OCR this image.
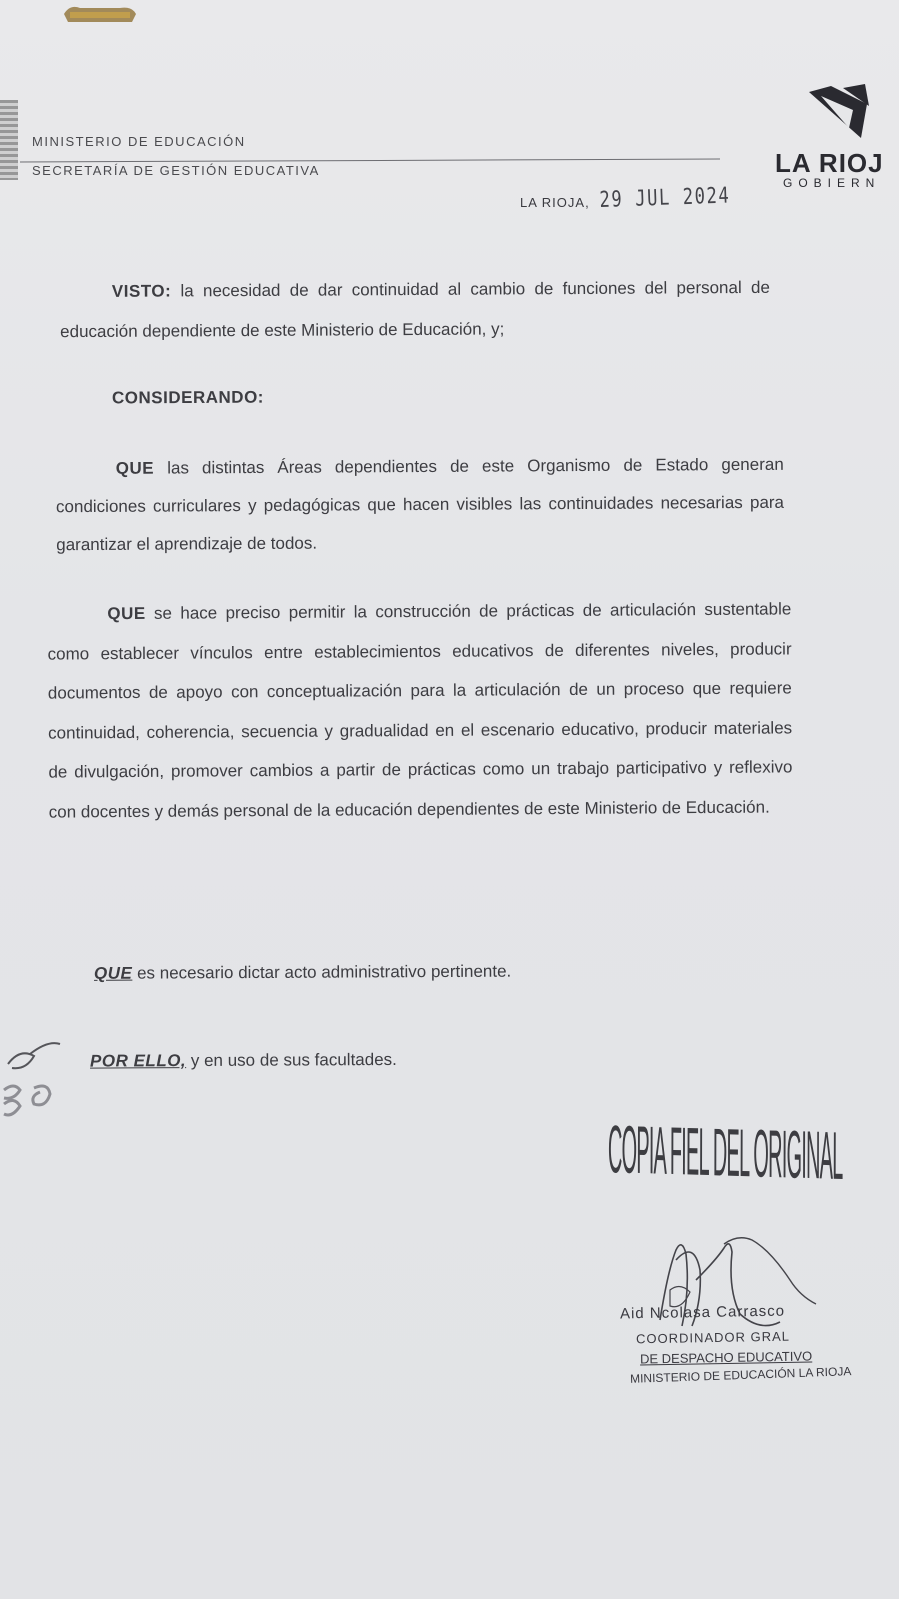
MINISTERIO DE EDUCACIÓN
SECRETARÍA DE GESTIÓN EDUCATIVA	LA RIOJ
GOBIERN
LA RIOJA, 29 JUL 2024
VISTO: la necesidad de dar continuidad al cambio de funciones del personal de educación dependiente de este Ministerio de Educación, y;
CONSIDERANDO:
QUE las distintas Áreas dependientes de este Organismo de Estado generan condiciones curriculares y pedagógicas que hacen visibles las continuidades necesarias para garantizar el aprendizaje de todos.
QUE se hace preciso permitir la construcción de prácticas de articulación sustentable como establecer vínculos entre establecimientos educativos de diferentes niveles, producir documentos de apoyo con conceptualización para la articulación de un proceso que requiere continuidad, coherencia, secuencia y gradualidad en el escenario educativo, producir materiales de divulgación, promover cambios a partir de prácticas como un trabajo participativo y reflexivo con docentes y demás personal de la educación dependientes de este Ministerio de Educación.
QUE es necesario dictar acto administrativo pertinente.
POR ELLO, y en uso de sus facultades.
COPIA FIEL DEL ORIGINAL
Aid Ncolasa Carrasco
COORDINADOR GRAL
DE DESPACHO EDUCATIVO
MINISTERIO DE EDUCACIÓN LA RIOJA
